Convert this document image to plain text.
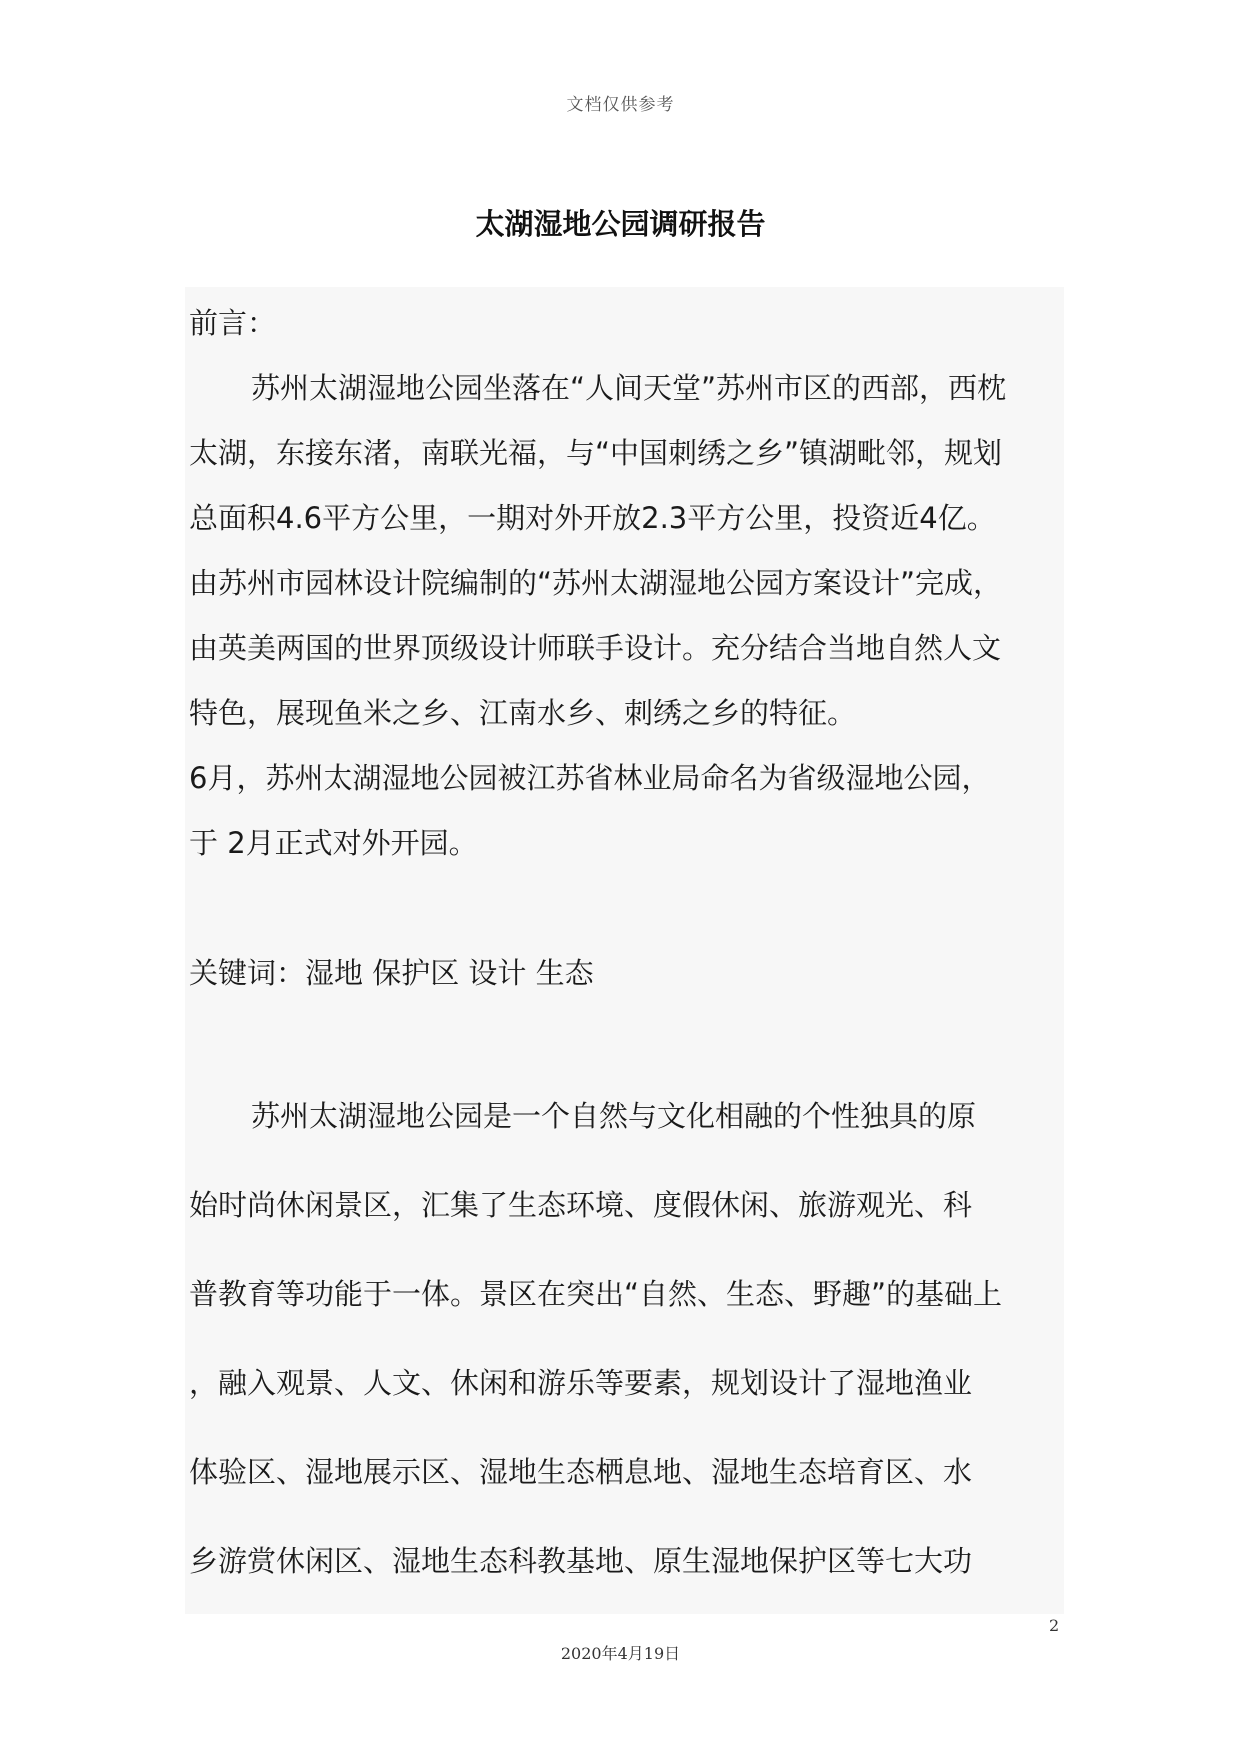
文档仅供参考
太湖湿地公园调研报告
前言：
苏州太湖湿地公园坐落在“人间天堂”苏州市区的西部，西枕
太湖，东接东渚，南联光福，与“中国刺绣之乡”镇湖毗邻，规划
总面积4.6平方公里，一期对外开放2.3平方公里，投资近4亿。
由苏州市园林设计院编制的“苏州太湖湿地公园方案设计”完成，
由英美两国的世界顶级设计师联手设计。充分结合当地自然人文
特色，展现鱼米之乡、江南水乡、刺绣之乡的特征。
6月，苏州太湖湿地公园被江苏省林业局命名为省级湿地公园，
于 2月正式对外开园。
关键词：湿地 保护区 设计 生态
苏州太湖湿地公园是一个自然与文化相融的个性独具的原
始时尚休闲景区，汇集了生态环境、度假休闲、旅游观光、科
普教育等功能于一体。景区在突出“自然、生态、野趣”的基础上
，融入观景、人文、休闲和游乐等要素，规划设计了湿地渔业
体验区、湿地展示区、湿地生态栖息地、湿地生态培育区、水
乡游赏休闲区、湿地生态科教基地、原生湿地保护区等七大功
2
2020年4月19日
